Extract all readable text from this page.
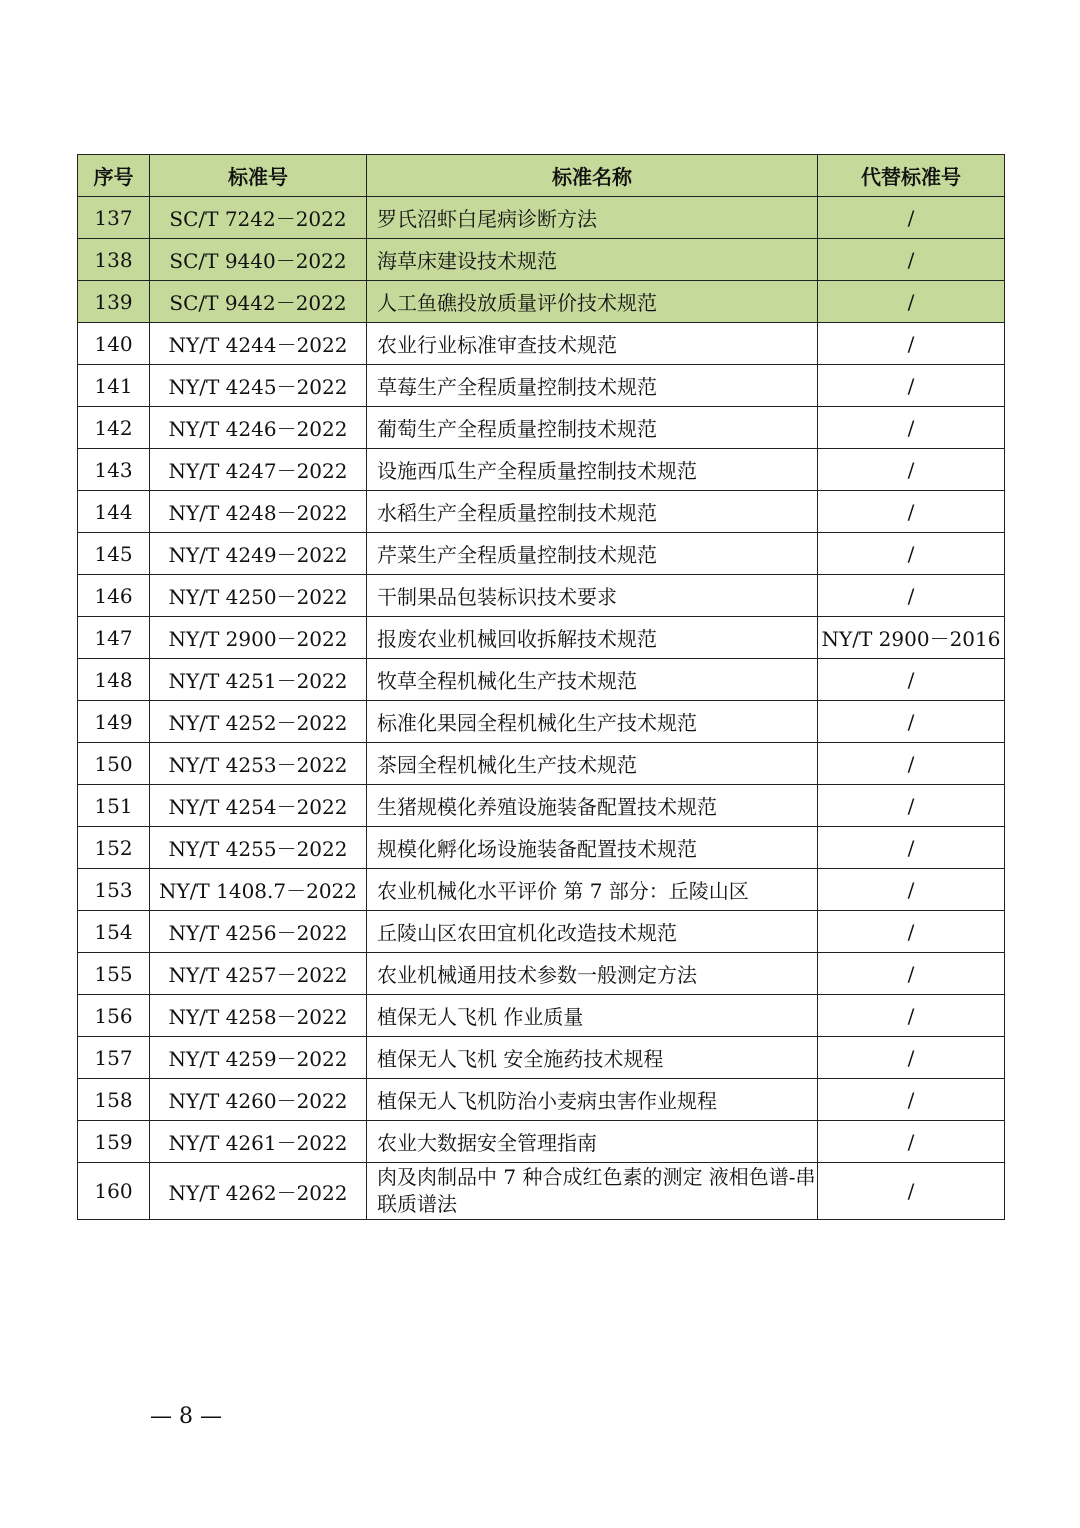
序号	标准号	标准名称	代替标准号
137	SC/T 7242－2022	罗氏沼虾白尾病诊断方法	/
138	SC/T 9440－2022	海草床建设技术规范	/
139	SC/T 9442－2022	人工鱼礁投放质量评价技术规范	/
140	NY/T 4244－2022	农业行业标准审查技术规范	/
141	NY/T 4245－2022	草莓生产全程质量控制技术规范	/
142	NY/T 4246－2022	葡萄生产全程质量控制技术规范	/
143	NY/T 4247－2022	设施西瓜生产全程质量控制技术规范	/
144	NY/T 4248－2022	水稻生产全程质量控制技术规范	/
145	NY/T 4249－2022	芹菜生产全程质量控制技术规范	/
146	NY/T 4250－2022	干制果品包装标识技术要求	/
147	NY/T 2900－2022	报废农业机械回收拆解技术规范	NY/T 2900－2016
148	NY/T 4251－2022	牧草全程机械化生产技术规范	/
149	NY/T 4252－2022	标准化果园全程机械化生产技术规范	/
150	NY/T 4253－2022	茶园全程机械化生产技术规范	/
151	NY/T 4254－2022	生猪规模化养殖设施装备配置技术规范	/
152	NY/T 4255－2022	规模化孵化场设施装备配置技术规范	/
153	NY/T 1408.7－2022	农业机械化水平评价 第 7 部分：丘陵山区	/
154	NY/T 4256－2022	丘陵山区农田宜机化改造技术规范	/
155	NY/T 4257－2022	农业机械通用技术参数一般测定方法	/
156	NY/T 4258－2022	植保无人飞机 作业质量	/
157	NY/T 4259－2022	植保无人飞机 安全施药技术规程	/
158	NY/T 4260－2022	植保无人飞机防治小麦病虫害作业规程	/
159	NY/T 4261－2022	农业大数据安全管理指南	/
160	NY/T 4262－2022	肉及肉制品中 7 种合成红色素的测定 液相色谱-串联质谱法	/
— 8 —
